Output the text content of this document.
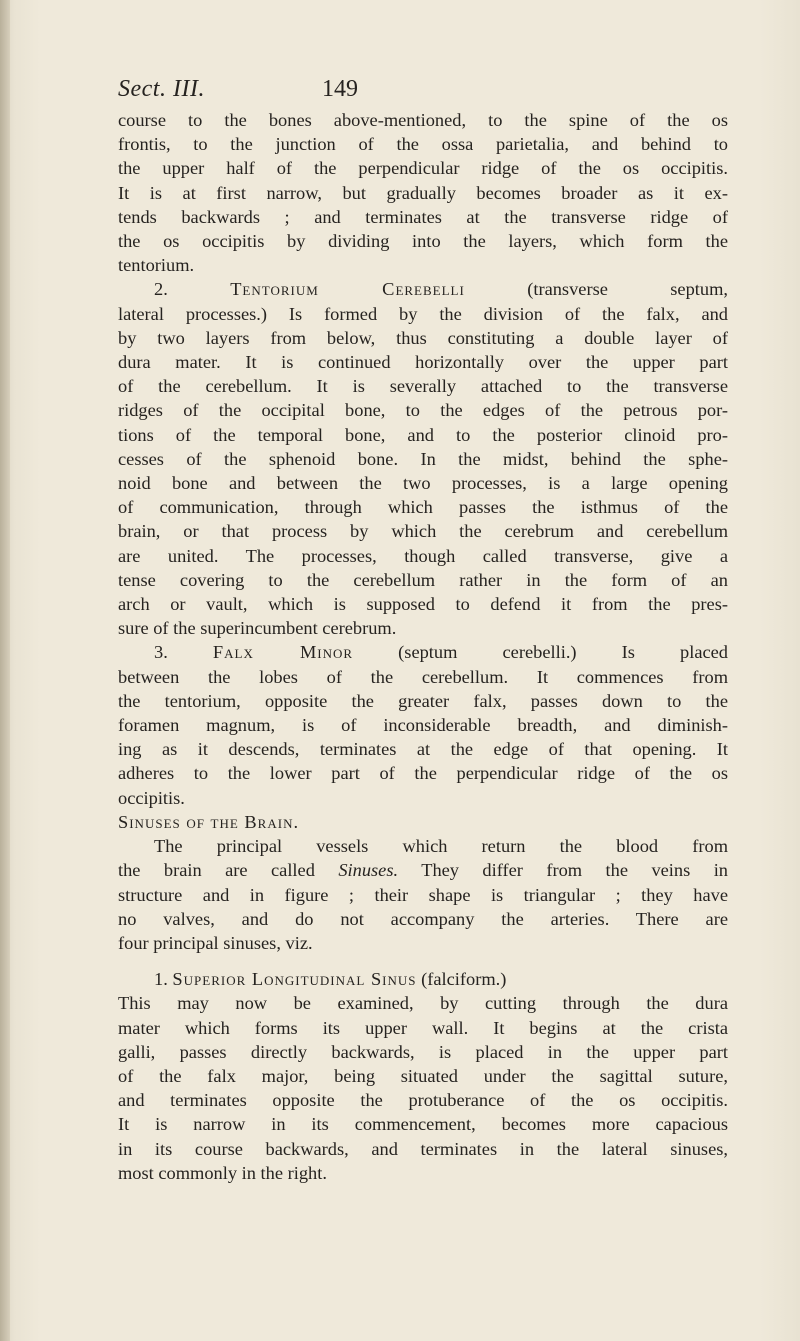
Sect. III.	149

course to the bones above-mentioned, to the spine of the os
frontis, to the junction of the ossa parietalia, and behind to
the upper half of the perpendicular ridge of the os occipitis.
It is at first narrow, but gradually becomes broader as it ex-
tends backwards ; and terminates at the transverse ridge of
the os occipitis by dividing into the layers, which form the
tentorium.

2.	Tentorium Cerebelli (transverse septum,
lateral processes.) Is formed by the division of the falx, and
by two layers from below, thus constituting a double layer of
dura mater. It is continued horizontally over the upper part
of the cerebellum. It is severally attached to the transverse
ridges of the occipital bone, to the edges of the petrous por-
tions of the temporal bone, and to the posterior clinoid pro-
cesses of the sphenoid bone. In the midst, behind the sphe-
noid bone and between the two processes, is a large opening
of communication, through which passes the isthmus of the
brain, or that process by which the cerebrum and cerebellum
are united. The processes, though called transverse, give a
tense covering to the cerebellum rather in the form of an
arch or vault, which is supposed to defend it from the pres-
sure of the superincumbent cerebrum.

3. Falx Minor (septum cerebelli.) Is placed
between the lobes of the cerebellum. It commences from
the tentorium, opposite the greater falx, passes down to the
foramen magnum, is of inconsiderable breadth, and diminish-
ing as it descends, terminates at the edge of that opening. It
adheres to the lower part of the perpendicular ridge of the os
occipitis.

Sinuses of the Brain.

The principal vessels which return the blood from
the brain are called Sinuses. They differ from the veins in
structure and in figure ; their shape is triangular ; they have
no valves, and do not accompany the arteries. There are
four principal sinuses, viz.

1. Superior Longitudinal Sinus (falciform.)
This may now be examined, by cutting through the dura
mater which forms its upper wall. It begins at the crista
galli, passes directly backwards, is placed in the upper part
of the falx major, being situated under the sagittal suture,
and terminates opposite the protuberance of the os occipitis.
It is narrow in its commencement, becomes more capacious
in its course backwards, and terminates in the lateral sinuses,
most commonly in the right.
